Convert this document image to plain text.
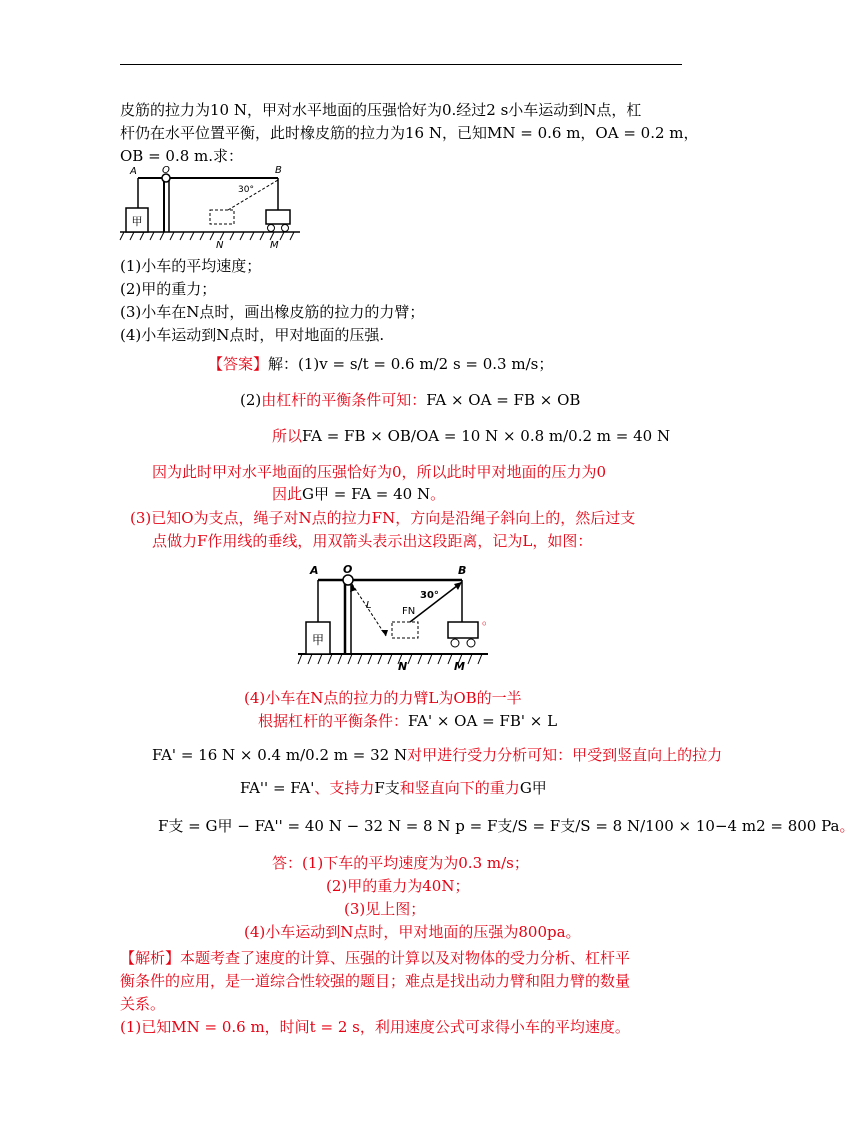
皮筋的拉力为10 N，甲对水平地面的压强恰好为0.经过2 s小车运动到N点，杠
杆仍在水平位置平衡，此时橡皮筋的拉力为16 N，已知MN = 0.6 m，OA = 0.2 m，
OB = 0.8 m.求：
甲
A	O	B
30°
N	M
(1)小车的平均速度；
(2)甲的重力；
(3)小车在N点时，画出橡皮筋的拉力的力臂；
(4)小车运动到N点时，甲对地面的压强.
【答案】解：(1)v = s/t = 0.6 m/2 s = 0.3 m/s；
(2)由杠杆的平衡条件可知：FA × OA = FB × OB
所以FA = FB × OB/OA = 10 N × 0.8 m/0.2 m = 40 N
因为此时甲对水平地面的压强恰好为0，所以此时甲对地面的压力为0
因此G甲 = FA = 40 N。
(3)已知O为支点，绳子对N点的拉力FN，方向是沿绳子斜向上的，然后过支
点做力F作用线的垂线，用双箭头表示出这段距离，记为L，如图：
甲
A O	B
30°
L
FN
N	M
。
(4)小车在N点的拉力的力臂L为OB的一半
根据杠杆的平衡条件：FA' × OA = FB' × L
FA' = 16 N × 0.4 m/0.2 m = 32 N对甲进行受力分析可知：甲受到竖直向上的拉力
FA'' = FA'、支持力F支和竖直向下的重力G甲
F支 = G甲 − FA'' = 40 N − 32 N = 8 N p = F支/S = F支/S = 8 N/100 × 10−4 m2 = 800 Pa。
答：(1)下车的平均速度为为0.3 m/s；
(2)甲的重力为40N；
(3)见上图；
(4)小车运动到N点时，甲对地面的压强为800pa。
【解析】本题考查了速度的计算、压强的计算以及对物体的受力分析、杠杆平
衡条件的应用，是一道综合性较强的题目；难点是找出动力臂和阻力臂的数量
关系。
(1)已知MN = 0.6 m，时间t = 2 s，利用速度公式可求得小车的平均速度。
